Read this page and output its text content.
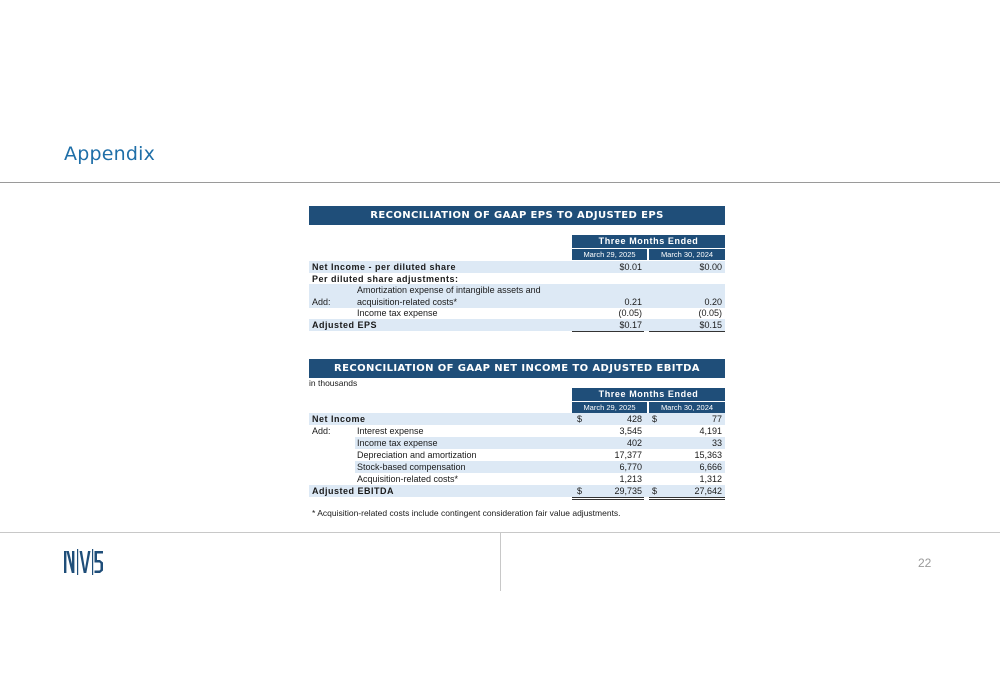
Appendix
RECONCILIATION OF GAAP EPS TO ADJUSTED EPS
Three Months Ended
March 29, 2025	March 30, 2024
Net Income - per diluted share	$0.01	$0.00
Per diluted share adjustments:
Amortization expense of intangible assets and
Add:	acquisition-related costs*	0.21	0.20
Income tax expense	(0.05)	(0.05)
Adjusted EPS	$0.17	$0.15
RECONCILIATION OF GAAP NET INCOME TO ADJUSTED EBITDA
in thousands
Three Months Ended
March 29, 2025	March 30, 2024
Net Income	$	428 $	77
Add:	Interest expense	3,545	4,191
Income tax expense	402	33
Depreciation and amortization	17,377	15,363
Stock-based compensation	6,770	6,666
Acquisition-related costs*	1,213	1,312
Adjusted EBITDA	$	29,735 $	27,642
* Acquisition-related costs include contingent consideration fair value adjustments.
22
